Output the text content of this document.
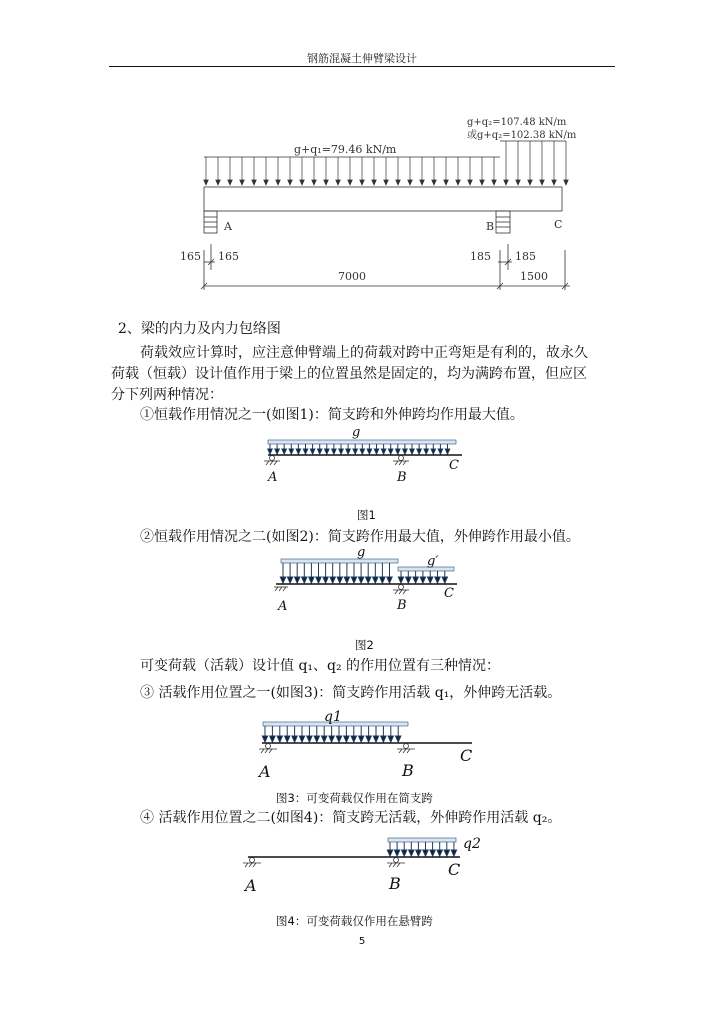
钢筋混凝土伸臂梁设计
g+q₁=79.46 kN/m
g+q₂=107.48 kN/m
或g+q₂=102.38 kN/m
A	B	C
165 165	185 185
7000	1500
2、梁的内力及内力包络图
荷载效应计算时，应注意伸臂端上的荷载对跨中正弯矩是有利的，故永久
荷载（恒载）设计值作用于梁上的位置虽然是固定的，均为满跨布置，但应区
分下列两种情况：
①恒载作用情况之一(如图1)：简支跨和外伸跨均作用最大值。
g
A	B
C
图1
②恒载作用情况之二(如图2)：简支跨作用最大值，外伸跨作用最小值。
g
g′
A	B
C
图2
可变荷载（活载）设计值 q₁、q₂ 的作用位置有三种情况：
③ 活载作用位置之一(如图3)：简支跨作用活载 q₁，外伸跨无活载。
q1
A	B
C
图3：可变荷载仅作用在简支跨
④ 活载作用位置之二(如图4)：简支跨无活载，外伸跨作用活载 q₂。
q2
A	B
C
图4：可变荷载仅作用在悬臂跨
5
